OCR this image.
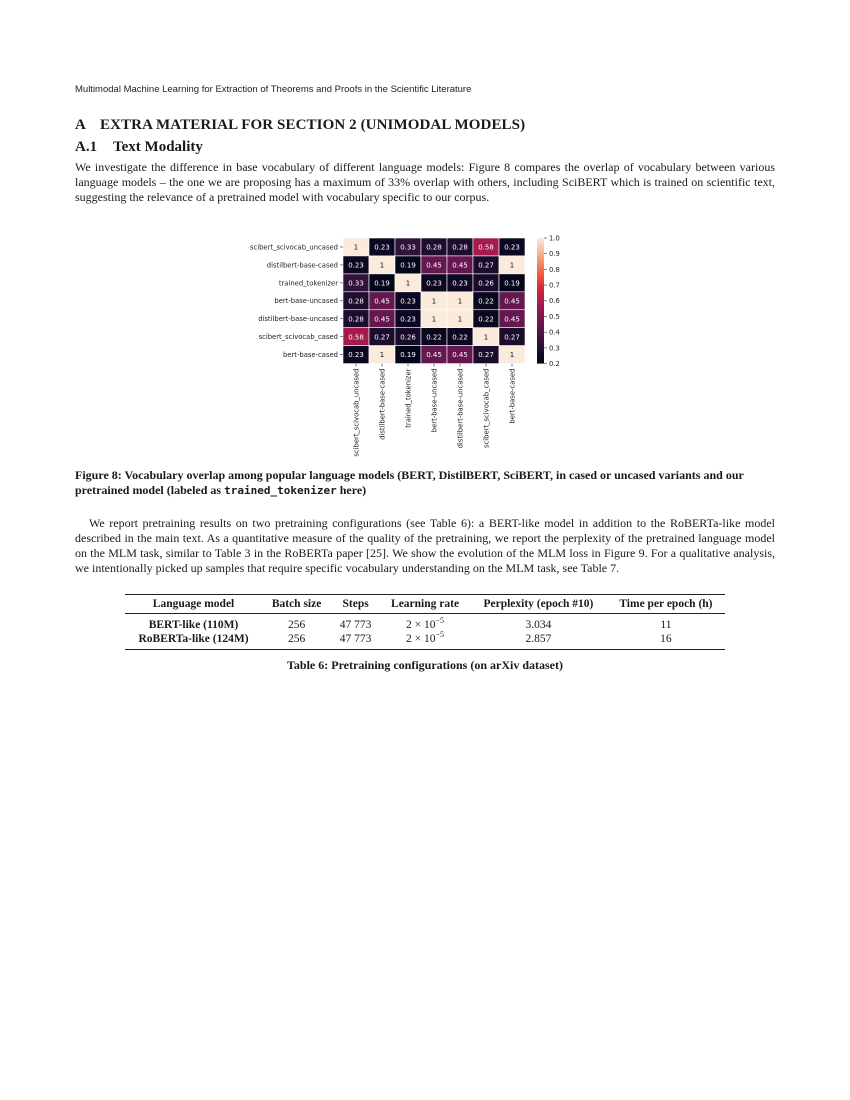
Multimodal Machine Learning for Extraction of Theorems and Proofs in the Scientific Literature
A EXTRA MATERIAL FOR SECTION 2 (UNIMODAL MODELS)
A.1 Text Modality

We investigate the difference in base vocabulary of different language models: Figure 8 compares the overlap of vocabulary between various language models – the one we are proposing has a maximum of 33% overlap with others, including SciBERT which is trained on scientific text, suggesting the relevance of a pretrained model with vocabulary specific to our corpus.

1 0.23 0.33 0.28 0.28 0.58 0.23
0.23 1 0.19 0.45 0.45 0.27 1
0.33 0.19 1 0.23 0.23 0.26 0.19
0.28 0.45 0.23 1	1 0.22 0.45
0.28 0.45 0.23 1	1 0.22 0.45
0.58 0.27 0.26 0.22 0.22 1 0.27
0.23 1 0.19 0.45 0.45 0.27 1
scibert_scivocab_uncased
distilbert-base-cased
trained_tokenizer
bert-base-uncased
distilbert-base-uncased
scibert_scivocab_cased
bert-base-cased
scibert_scivocab_uncased	distilbert-base-cased	trained_tokenizer	bert-base-uncased	distilbert-base-uncased	scibert_scivocab_cased	bert-base-cased
1.0
0.9
0.8
0.7
0.6
0.5
0.4
0.3
0.2

Figure 8: Vocabulary overlap among popular language models (BERT, DistilBERT, SciBERT, in cased or uncased variants and our pretrained model (labeled as trained_tokenizer here)

We report pretraining results on two pretraining configurations (see Table 6): a BERT-like model in addition to the RoBERTa-like model described in the main text. As a quantitative measure of the quality of the pretraining, we report the perplexity of the pretrained language model on the MLM task, similar to Table 3 in the RoBERTa paper [25]. We show the evolution of the MLM loss in Figure 9. For a qualitative analysis, we intentionally picked up samples that require specific vocabulary understanding on the MLM task, see Table 7.

Language model	Batch size	Steps	Learning rate	Perplexity (epoch #10)	Time per epoch (h)
BERT-like (110M)	256	47 773	$2 \times 10^{-5}$	3.034	11
RoBERTa-like (124M)	256	47 773	$2 \times 10^{-5}$	2.857	16
Table 6: Pretraining configurations (on arXiv dataset)
